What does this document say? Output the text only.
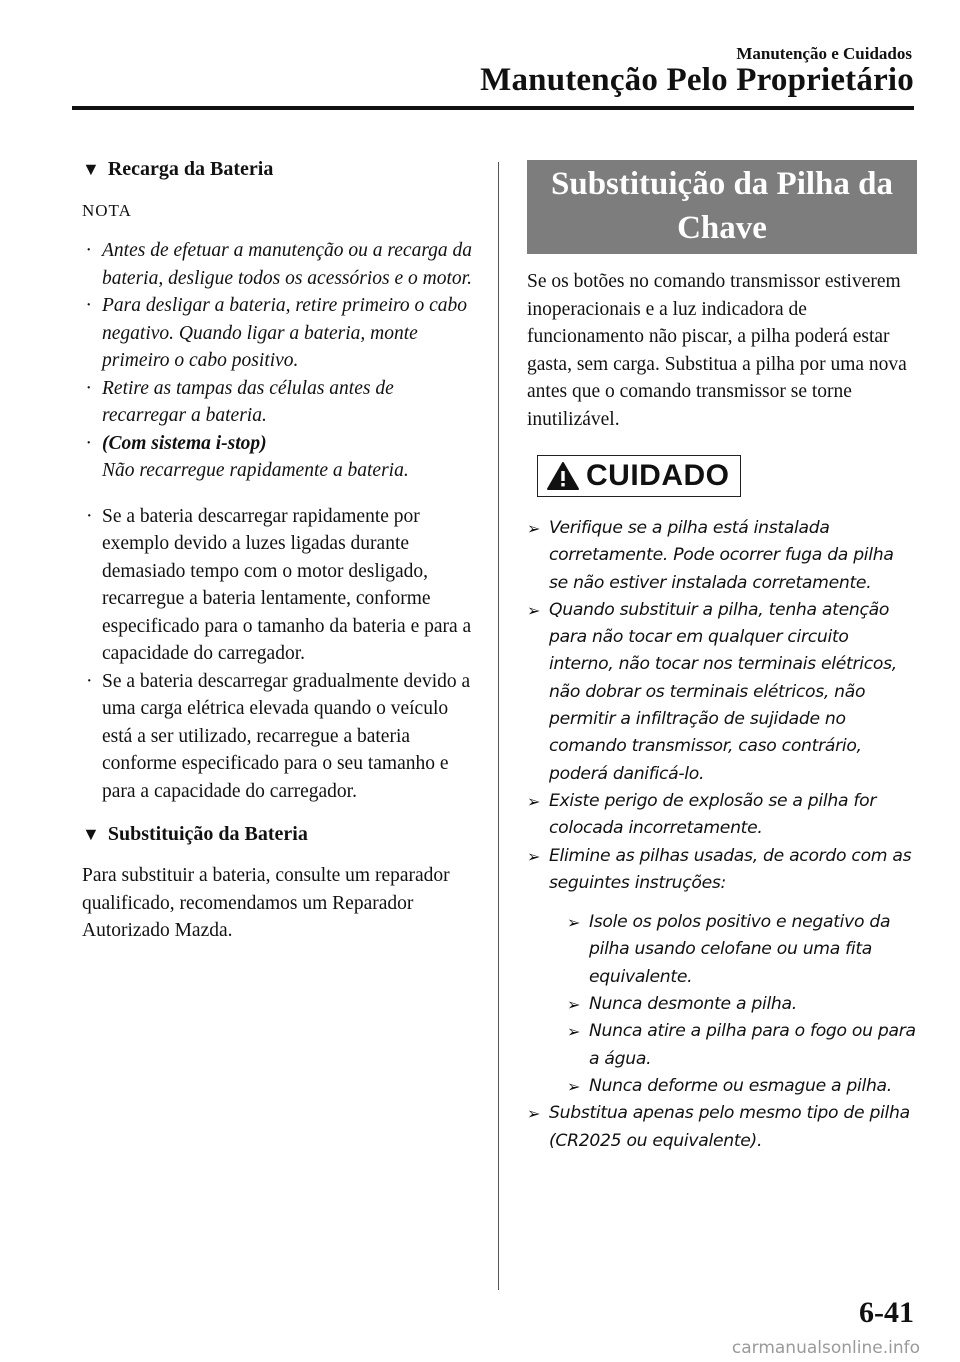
Manutenção e Cuidados
Manutenção Pelo Proprietário
▼ Recarga da Bateria
NOTA
· Antes de efetuar a manutenção ou a recarga da bateria, desligue todos os acessórios e o motor.
· Para desligar a bateria, retire primeiro o cabo negativo. Quando ligar a bateria, monte primeiro o cabo positivo.
· Retire as tampas das células antes de recarregar a bateria.
· (Com sistema i-stop)
Não recarregue rapidamente a bateria.
· Se a bateria descarregar rapidamente por exemplo devido a luzes ligadas durante demasiado tempo com o motor desligado, recarregue a bateria lentamente, conforme especificado para o tamanho da bateria e para a capacidade do carregador.
· Se a bateria descarregar gradualmente devido a uma carga elétrica elevada quando o veículo está a ser utilizado, recarregue a bateria conforme especificado para o seu tamanho e para a capacidade do carregador.
▼ Substituição da Bateria

Para substituir a bateria, consulte um reparador qualificado, recomendamos um Reparador Autorizado Mazda.

Substituição da Pilha da Chave

Se os botões no comando transmissor estiverem inoperacionais e a luz indicadora de funcionamento não piscar, a pilha poderá estar gasta, sem carga. Substitua a pilha por uma nova antes que o comando transmissor se torne inutilizável.

CUIDADO
➢ Verifique se a pilha está instalada corretamente. Pode ocorrer fuga da pilha se não estiver instalada corretamente.
➢ Quando substituir a pilha, tenha atenção para não tocar em qualquer circuito interno, não tocar nos terminais elétricos, não dobrar os terminais elétricos, não permitir a infiltração de sujidade no comando transmissor, caso contrário, poderá danificá-lo.
➢ Existe perigo de explosão se a pilha for colocada incorretamente.
➢ Elimine as pilhas usadas, de acordo com as seguintes instruções:
➢ Isole os polos positivo e negativo da pilha usando celofane ou uma fita equivalente.
➢ Nunca desmonte a pilha.
➢ Nunca atire a pilha para o fogo ou para a água.
➢ Nunca deforme ou esmague a pilha.
➢ Substitua apenas pelo mesmo tipo de pilha (CR2025 ou equivalente).
6-41
carmanualsonline.info
